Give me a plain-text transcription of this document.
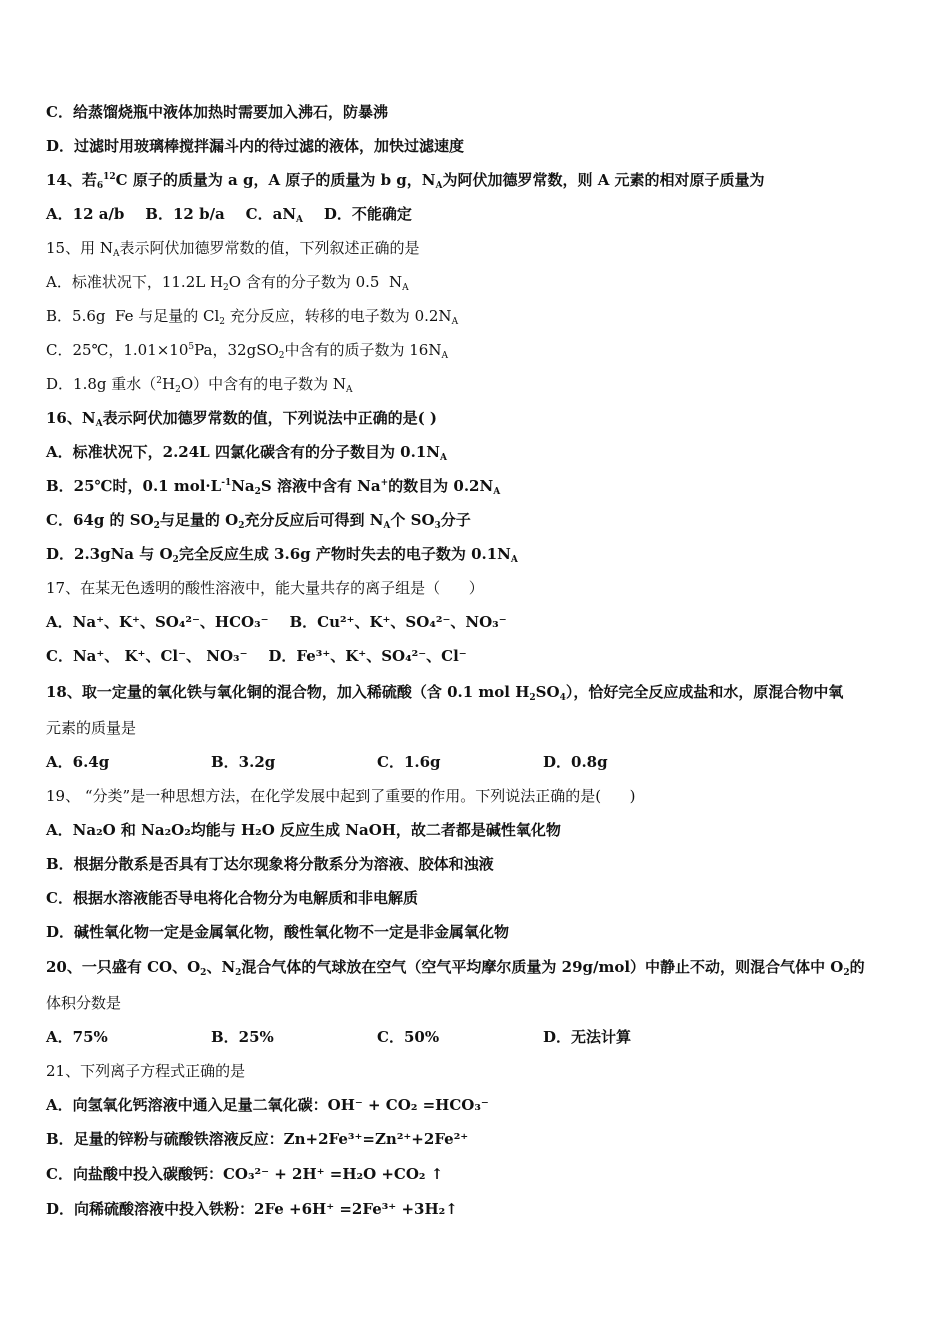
C．给蒸馏烧瓶中液体加热时需要加入沸石，防暴沸
D．过滤时用玻璃棒搅拌漏斗内的待过滤的液体，加快过滤速度
14、若$_6^{12}$C 原子的质量为 a g，A 原子的质量为 b g，$N_A$为阿伏加德罗常数，则 A 元素的相对原子质量为
A．12 a/b    B．12 b/a    C．$aN_A$    D．不能确定
15、用 $N_A$表示阿伏加德罗常数的值，下列叙述正确的是
A．标准状况下，11.2L $H_2O$ 含有的分子数为 0.5  $N_A$
B．5.6g  Fe 与足量的 $Cl_2$ 充分反应，转移的电子数为 $0.2N_A$
C．25℃，$1.01\times 10^5Pa$，32gSO$_2$中含有的质子数为 $16N_A$
D．1.8g 重水$(^2H_2O)$中含有的电子数为 $N_A$
16、$N_A$表示阿伏加德罗常数的值，下列说法中正确的是( )
A．标准状况下，2.24L 四氯化碳含有的分子数目为 $0.1N_A$
B．25℃时，0.1 $mol\cdot L^{-1}Na_2S$ 溶液中含有 Na+的数目为 $0.2N_A$
C．64g 的 $SO_2$与足量的 $O_2$充分反应后可得到 $N_A$个 $SO_3$分子
D．2.3gNa 与 $O_2$完全反应生成 3.6g 产物时失去的电子数为 $0.1N_A$
17、在某无色透明的酸性溶液中，能大量共存的离子组是（      ）
A．Na⁺、K⁺、SO₄²⁻、HCO₃⁻    B．Cu²⁺、K⁺、SO₄²⁻、NO₃⁻
C．Na⁺、 K⁺、Cl⁻、 NO₃⁻    D．Fe³⁺、K⁺、SO₄²⁻、Cl⁻
18、取一定量的氧化铁与氧化铜的混合物，加入稀硫酸（含 0.1 mol $H_2SO_4$），恰好完全反应成盐和水，原混合物中氧
元素的质量是
A．6.4g	B．3.2g	C．1.6g	D．0.8g
19、 “分类”是一种思想方法，在化学发展中起到了重要的作用。下列说法正确的是(      )
A．Na₂O 和 Na₂O₂均能与 H₂O 反应生成 NaOH，故二者都是碱性氧化物
B．根据分散系是否具有丁达尔现象将分散系分为溶液、胶体和浊液
C．根据水溶液能否导电将化合物分为电解质和非电解质
D．碱性氧化物一定是金属氧化物，酸性氧化物不一定是非金属氧化物
20、一只盛有 CO、$O_2$、$N_2$混合气体的气球放在空气（空气平均摩尔质量为 29g/mol）中静止不动，则混合气体中 $O_2$的
体积分数是
A．75%	B．25%	C．50%	D．无法计算
21、下列离子方程式正确的是
A．向氢氧化钙溶液中通入足量二氧化碳：OH⁻ + CO₂ =HCO₃⁻
B．足量的锌粉与硫酸铁溶液反应：Zn+2Fe³⁺=Zn²⁺+2Fe²⁺
C．向盐酸中投入碳酸钙：CO₃²⁻ + 2H⁺ =H₂O +CO₂ ↑
D．向稀硫酸溶液中投入铁粉：2Fe +6H⁺ =2Fe³⁺ +3H₂↑
